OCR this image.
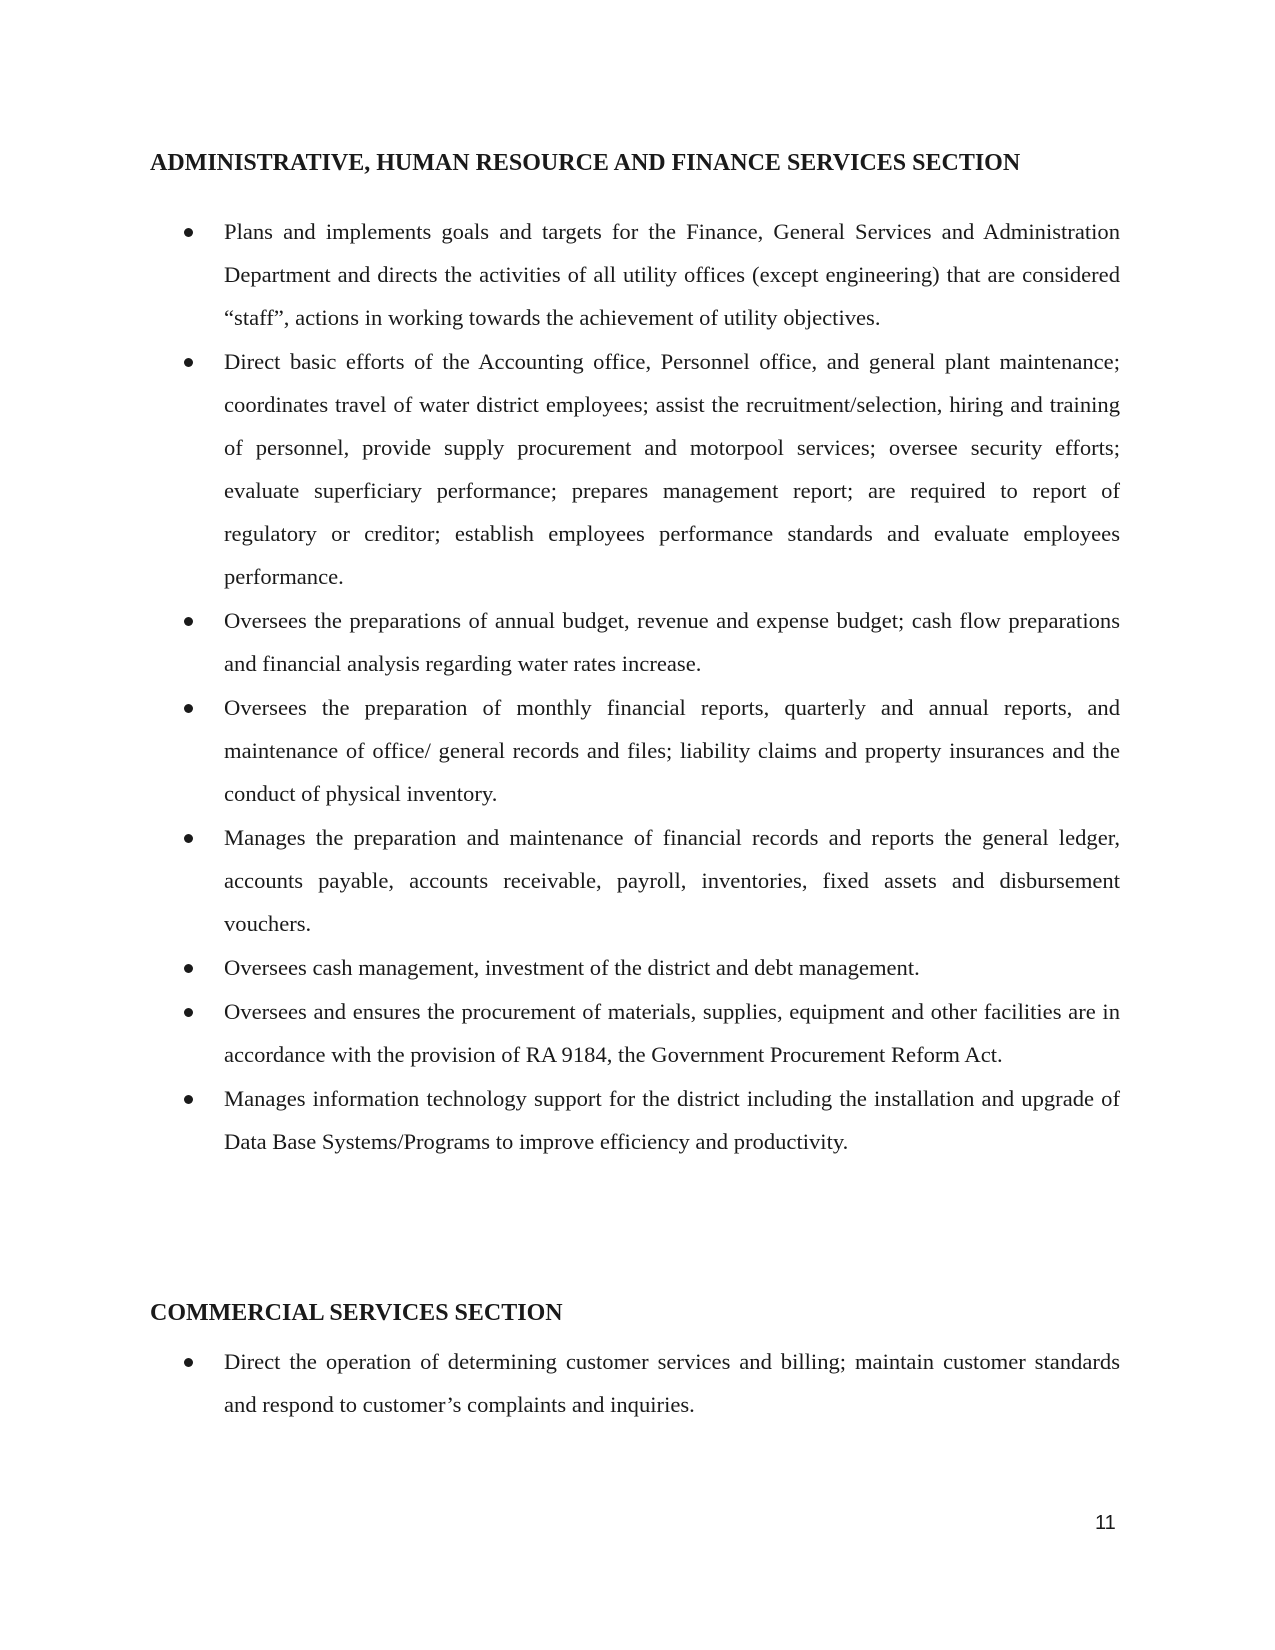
ADMINISTRATIVE, HUMAN RESOURCE AND FINANCE SERVICES SECTION
Plans and implements goals and targets for the Finance, General Services and Administration Department and directs the activities of all utility offices (except engineering) that are considered “staff”, actions in working towards the achievement of utility objectives.
Direct basic efforts of the Accounting office, Personnel office, and general plant maintenance; coordinates travel of water district employees; assist the recruitment/selection, hiring and training of personnel, provide supply procurement and motorpool services; oversee security efforts; evaluate superficiary performance; prepares management report; are required to report of regulatory or creditor; establish employees performance standards and evaluate employees performance.
Oversees the preparations of annual budget, revenue and expense budget; cash flow preparations and financial analysis regarding water rates increase.
Oversees the preparation of monthly financial reports, quarterly and annual reports, and maintenance of office/ general records and files; liability claims and property insurances and the conduct of physical inventory.
Manages the preparation and maintenance of financial records and reports the general ledger, accounts payable, accounts receivable, payroll, inventories, fixed assets and disbursement vouchers.
Oversees cash management, investment of the district and debt management.
Oversees and ensures the procurement of materials, supplies, equipment and other facilities are in accordance with the provision of RA 9184, the Government Procurement Reform Act.
Manages information technology support for the district including the installation and upgrade of Data Base Systems/Programs to improve efficiency and productivity.
COMMERCIAL SERVICES SECTION
Direct the operation of determining customer services and billing; maintain customer standards and respond to customer’s complaints and inquiries.
11
